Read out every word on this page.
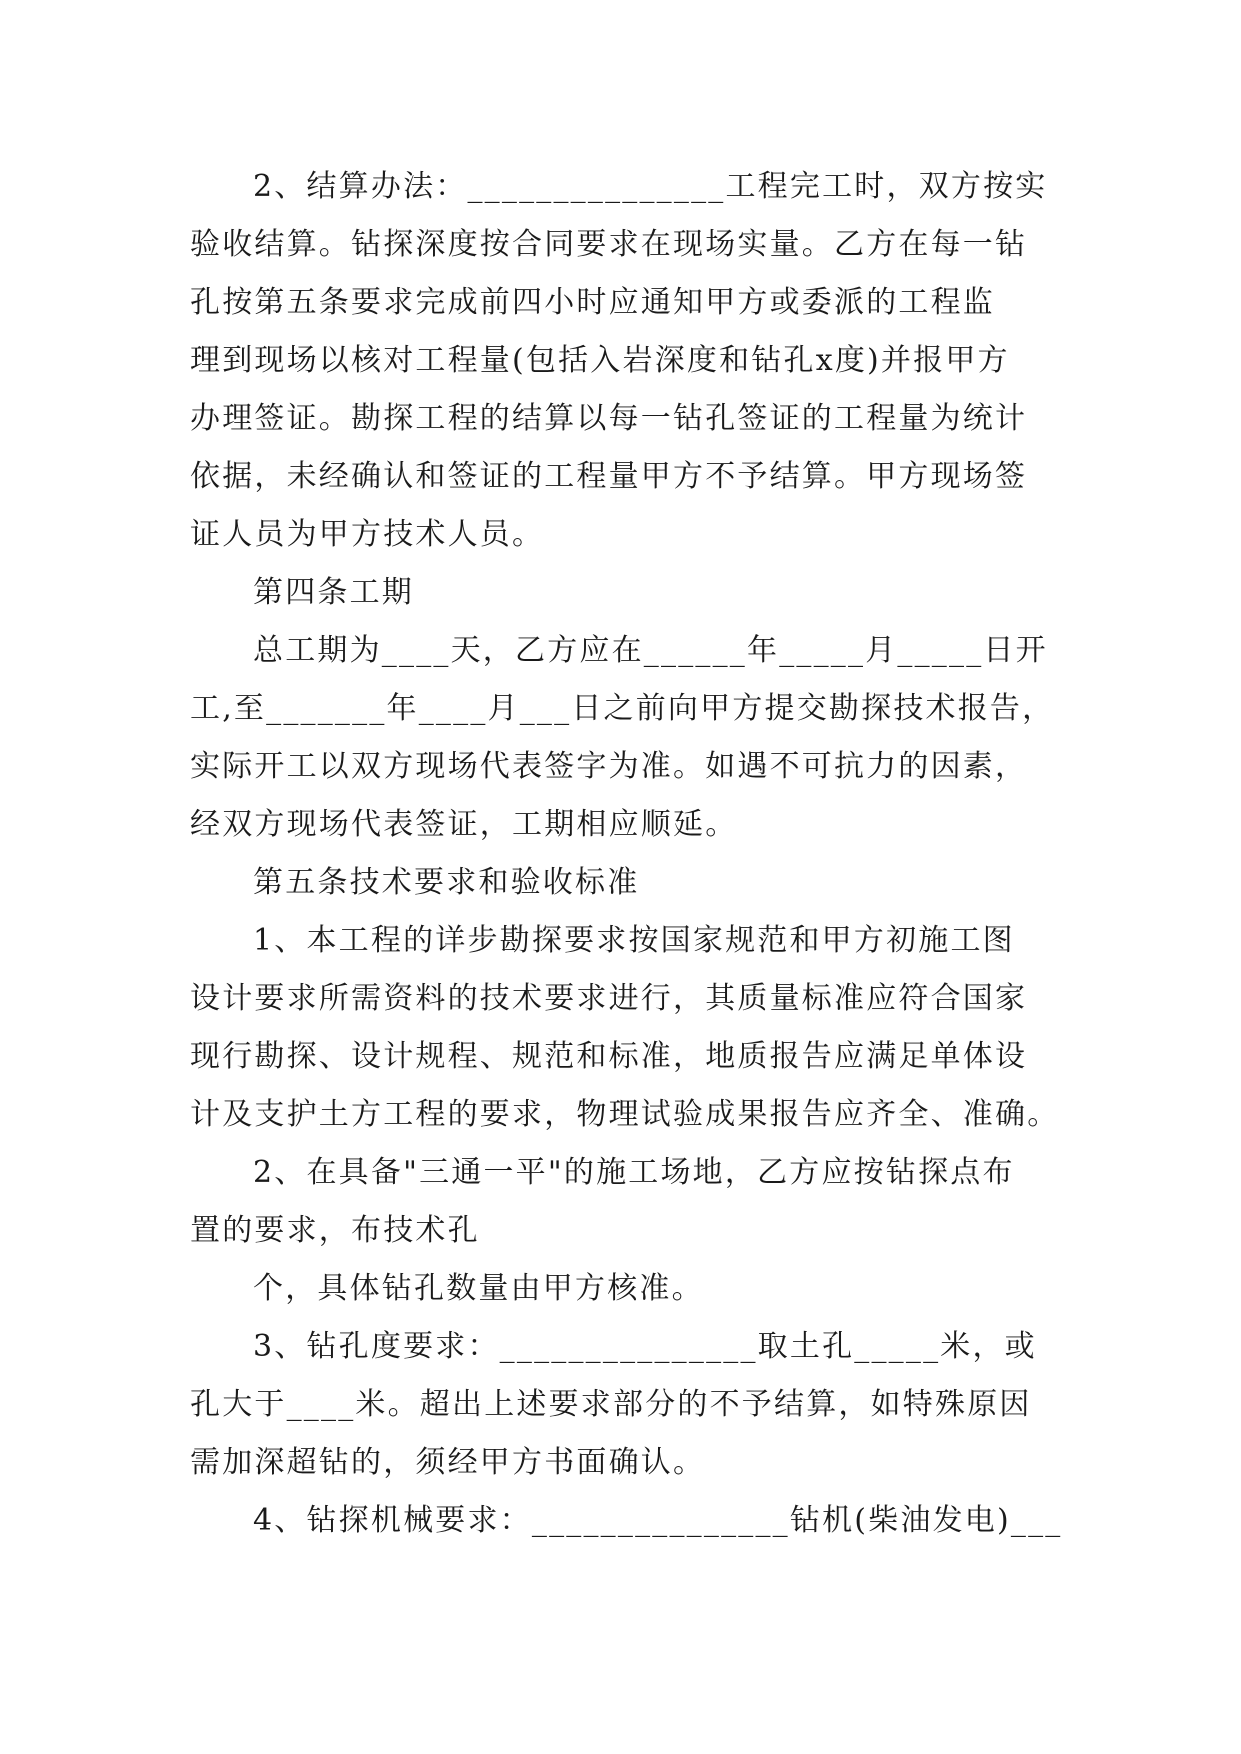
2、结算办法：_______________工程完工时，双方按实
验收结算。钻探深度按合同要求在现场实量。乙方在每一钻
孔按第五条要求完成前四小时应通知甲方或委派的工程监
理到现场以核对工程量(包括入岩深度和钻孔x度)并报甲方
办理签证。勘探工程的结算以每一钻孔签证的工程量为统计
依据，未经确认和签证的工程量甲方不予结算。甲方现场签
证人员为甲方技术人员。
第四条工期
总工期为____天，乙方应在______年_____月_____日开
工,至_______年____月___日之前向甲方提交勘探技术报告，
实际开工以双方现场代表签字为准。如遇不可抗力的因素，
经双方现场代表签证，工期相应顺延。
第五条技术要求和验收标准
1、本工程的详步勘探要求按国家规范和甲方初施工图
设计要求所需资料的技术要求进行，其质量标准应符合国家
现行勘探、设计规程、规范和标准，地质报告应满足单体设
计及支护土方工程的要求，物理试验成果报告应齐全、准确。
2、在具备"三通一平"的施工场地，乙方应按钻探点布
置的要求，布技术孔
个，具体钻孔数量由甲方核准。
3、钻孔度要求：_______________取土孔_____米，或
孔大于____米。超出上述要求部分的不予结算，如特殊原因
需加深超钻的，须经甲方书面确认。
4、钻探机械要求：_______________钻机(柴油发电)___
